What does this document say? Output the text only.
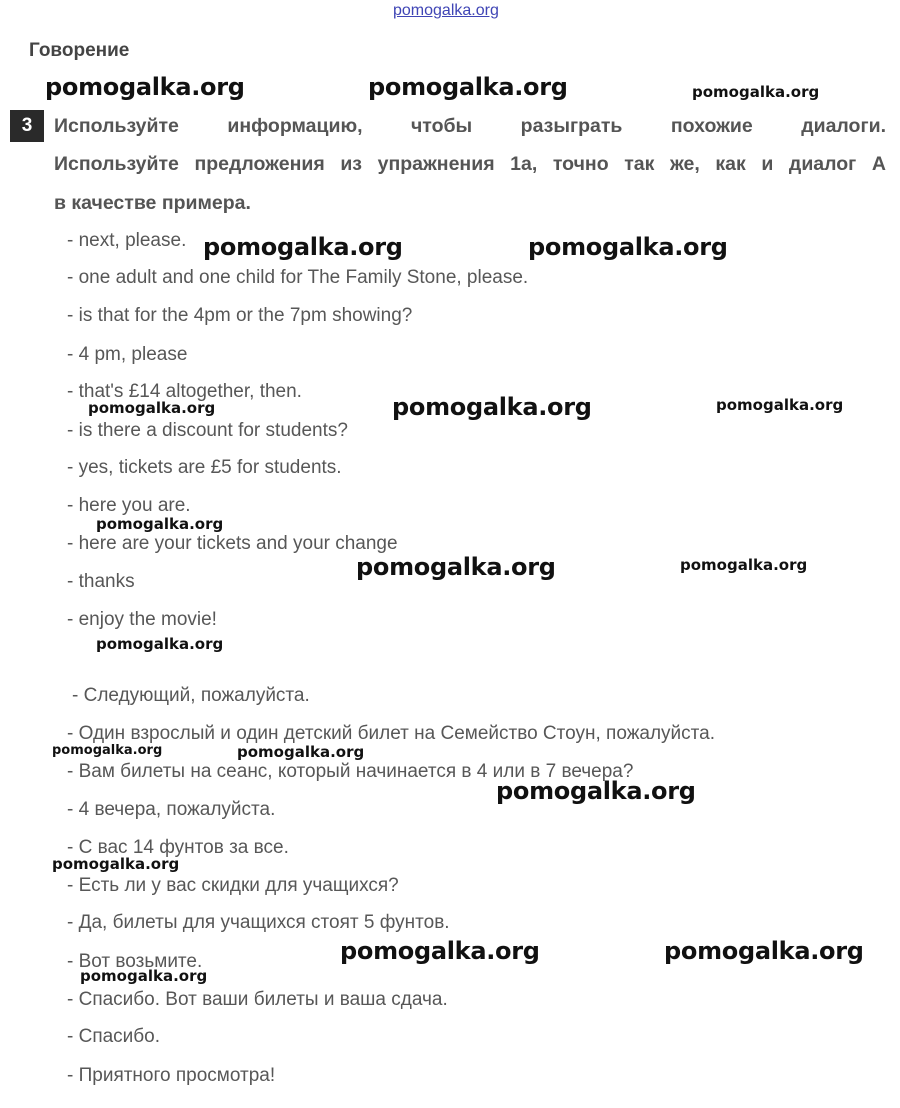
pomogalka.org
Говорение
3	Используйте информацию, чтобы разыграть похожие диалоги.
Используйте предложения из упражнения 1а, точно так же, как и диалог А
в качестве примера.
- next, please.
- one adult and one child for The Family Stone, please.
- is that for the 4pm or the 7pm showing?
- 4 pm, please
- that's £14 altogether, then.
- is there a discount for students?
- yes, tickets are £5 for students.
- here you are.
- here are your tickets and your change
- thanks
- enjoy the movie!
- Следующий, пожалуйста.
- Один взрослый и один детский билет на Семейство Стоун, пожалуйста.
- Вам билеты на сеанс, который начинается в 4 или в 7 вечера?
- 4 вечера, пожалуйста.
- С вас 14 фунтов за все.
- Есть ли у вас скидки для учащихся?
- Да, билеты для учащихся стоят 5 фунтов.
- Вот возьмите.
- Спасибо. Вот ваши билеты и ваша сдача.
- Спасибо.
- Приятного просмотра!
pomogalka.org	pomogalka.org	pomogalka.org
pomogalka.org	pomogalka.org
pomogalka.org	pomogalka.org	pomogalka.org
pomogalka.org
pomogalka.org	pomogalka.org
pomogalka.org
pomogalka.org	pomogalka.org
pomogalka.org
pomogalka.org
pomogalka.org	pomogalka.org
pomogalka.org
